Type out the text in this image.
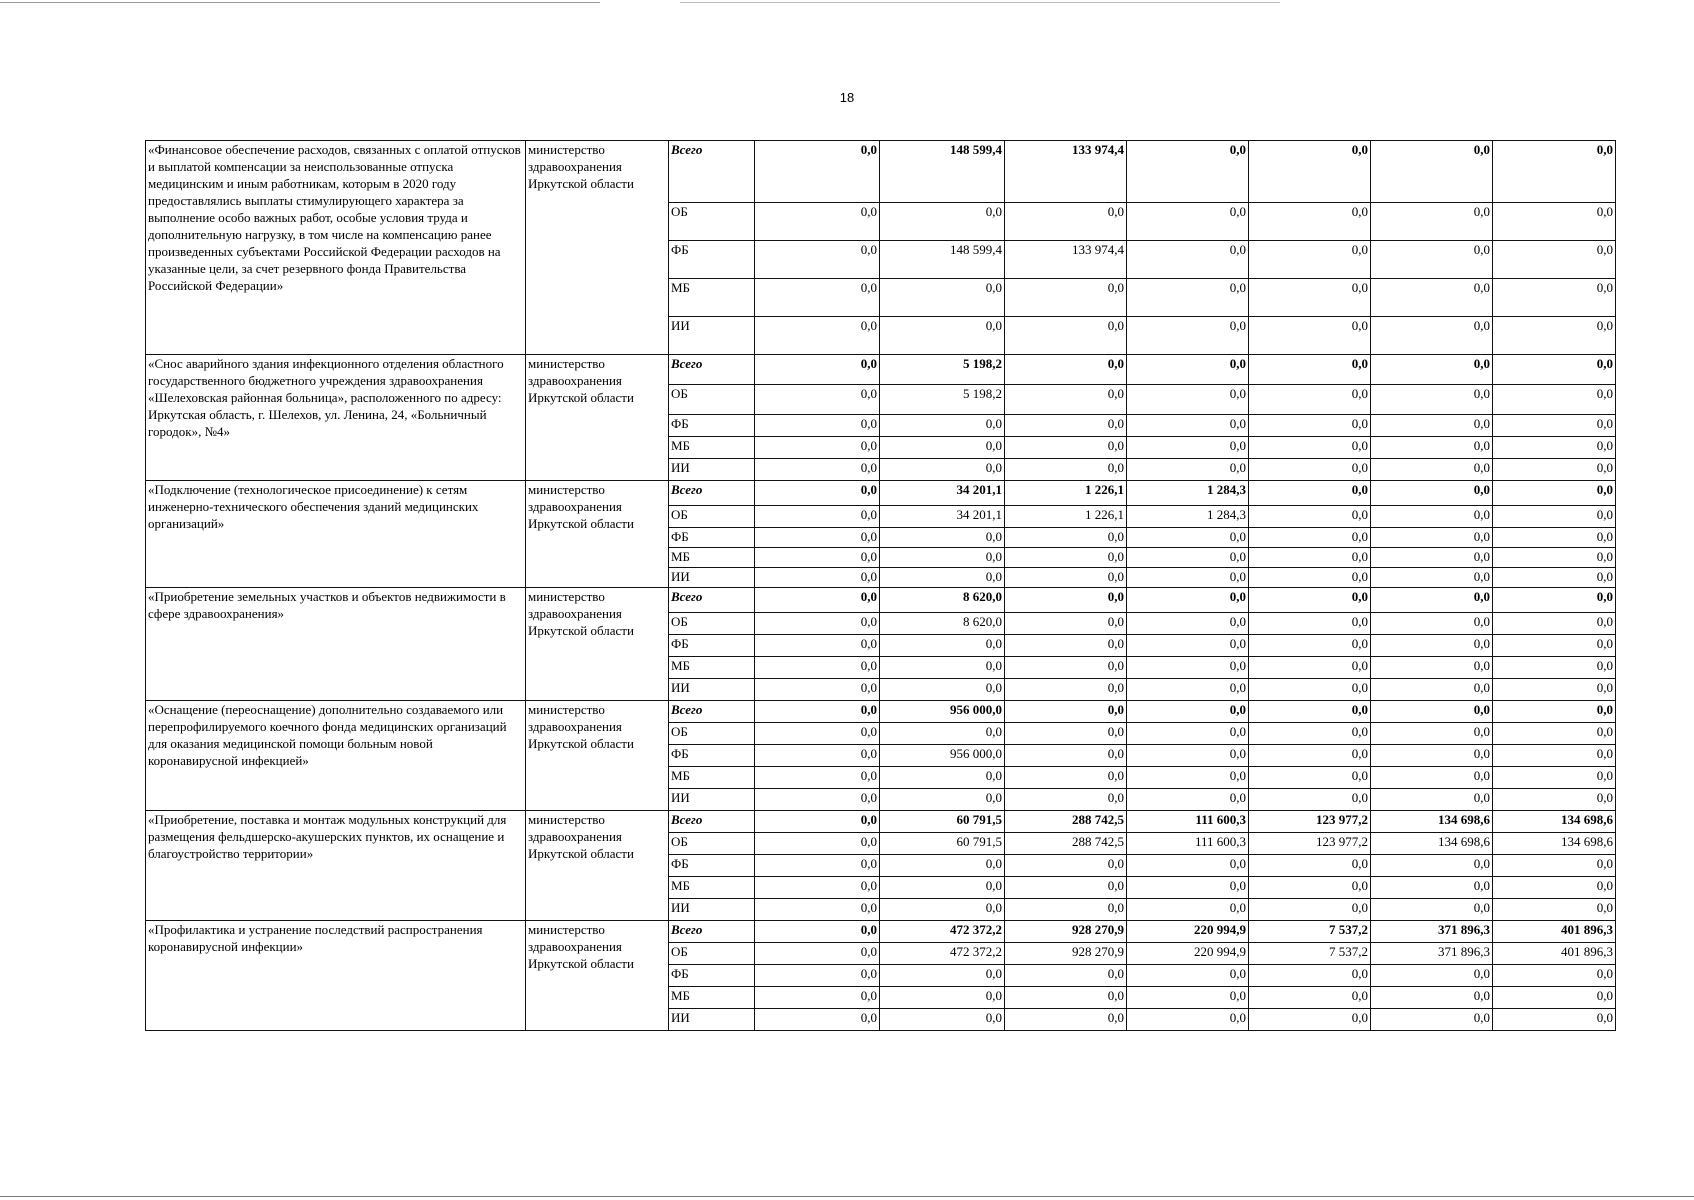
18
«Финансовое обеспечение расходов, связанных с оплатой отпусков и выплатой компенсации за неиспользованные отпуска медицинским и иным работникам, которым в 2020 году предоставлялись выплаты стимулирующего характера за выполнение особо важных работ, особые условия труда и дополнительную нагрузку, в том числе на компенсацию ранее произведенных субъектами Российской Федерации расходов на указанные цели, за счет резервного фонда Правительства Российской Федерации»	министерство здравоохранения Иркутской области	Всего	0,0	148 599,4	133 974,4	0,0	0,0	0,0	0,0
		ОБ	0,0	0,0	0,0	0,0	0,0	0,0	0,0
		ФБ	0,0	148 599,4	133 974,4	0,0	0,0	0,0	0,0
		МБ	0,0	0,0	0,0	0,0	0,0	0,0	0,0
		ИИ	0,0	0,0	0,0	0,0	0,0	0,0	0,0
«Снос аварийного здания инфекционного отделения областного государственного бюджетного учреждения здравоохранения «Шелеховская районная больница», расположенного по адресу: Иркутская область, г. Шелехов, ул. Ленина, 24, «Больничный городок», №4»	министерство здравоохранения Иркутской области	Всего	0,0	5 198,2	0,0	0,0	0,0	0,0	0,0
		ОБ	0,0	5 198,2	0,0	0,0	0,0	0,0	0,0
		ФБ	0,0	0,0	0,0	0,0	0,0	0,0	0,0
		МБ	0,0	0,0	0,0	0,0	0,0	0,0	0,0
		ИИ	0,0	0,0	0,0	0,0	0,0	0,0	0,0
«Подключение (технологическое присоединение) к сетям инженерно-технического обеспечения зданий медицинских организаций»	министерство здравоохранения Иркутской области	Всего	0,0	34 201,1	1 226,1	1 284,3	0,0	0,0	0,0
		ОБ	0,0	34 201,1	1 226,1	1 284,3	0,0	0,0	0,0
		ФБ	0,0	0,0	0,0	0,0	0,0	0,0	0,0
		МБ	0,0	0,0	0,0	0,0	0,0	0,0	0,0
		ИИ	0,0	0,0	0,0	0,0	0,0	0,0	0,0
«Приобретение земельных участков и объектов недвижимости в сфере здравоохранения»	министерство здравоохранения Иркутской области	Всего	0,0	8 620,0	0,0	0,0	0,0	0,0	0,0
		ОБ	0,0	8 620,0	0,0	0,0	0,0	0,0	0,0
		ФБ	0,0	0,0	0,0	0,0	0,0	0,0	0,0
		МБ	0,0	0,0	0,0	0,0	0,0	0,0	0,0
		ИИ	0,0	0,0	0,0	0,0	0,0	0,0	0,0
«Оснащение (переоснащение) дополнительно создаваемого или перепрофилируемого коечного фонда медицинских организаций для оказания медицинской помощи больным новой коронавирусной инфекцией»	министерство здравоохранения Иркутской области	Всего	0,0	956 000,0	0,0	0,0	0,0	0,0	0,0
		ОБ	0,0	0,0	0,0	0,0	0,0	0,0	0,0
		ФБ	0,0	956 000,0	0,0	0,0	0,0	0,0	0,0
		МБ	0,0	0,0	0,0	0,0	0,0	0,0	0,0
		ИИ	0,0	0,0	0,0	0,0	0,0	0,0	0,0
«Приобретение, поставка и монтаж модульных конструкций для размещения фельдшерско-акушерских пунктов, их оснащение и благоустройство территории»	министерство здравоохранения Иркутской области	Всего	0,0	60 791,5	288 742,5	111 600,3	123 977,2	134 698,6	134 698,6
		ОБ	0,0	60 791,5	288 742,5	111 600,3	123 977,2	134 698,6	134 698,6
		ФБ	0,0	0,0	0,0	0,0	0,0	0,0	0,0
		МБ	0,0	0,0	0,0	0,0	0,0	0,0	0,0
		ИИ	0,0	0,0	0,0	0,0	0,0	0,0	0,0
«Профилактика и устранение последствий распространения коронавирусной инфекции»	министерство здравоохранения Иркутской области	Всего	0,0	472 372,2	928 270,9	220 994,9	7 537,2	371 896,3	401 896,3
		ОБ	0,0	472 372,2	928 270,9	220 994,9	7 537,2	371 896,3	401 896,3
		ФБ	0,0	0,0	0,0	0,0	0,0	0,0	0,0
		МБ	0,0	0,0	0,0	0,0	0,0	0,0	0,0
		ИИ	0,0	0,0	0,0	0,0	0,0	0,0	0,0
